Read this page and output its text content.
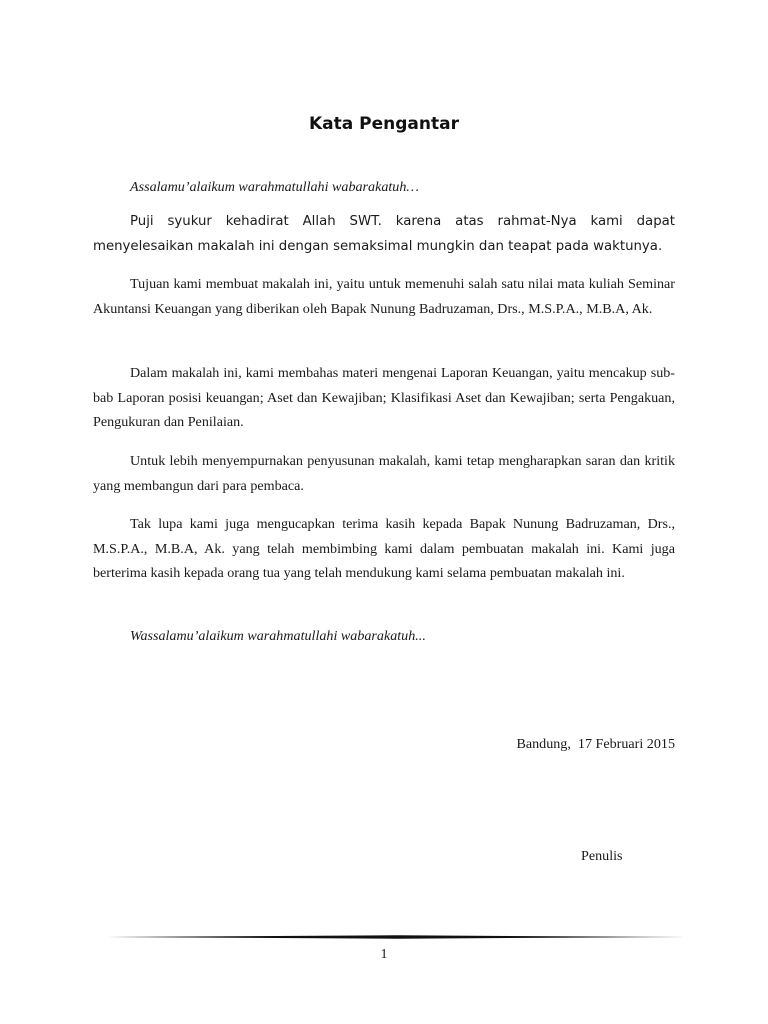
Kata Pengantar
Assalamu’alaikum warahmatullahi wabarakatuh…
Puji syukur kehadirat Allah SWT. karena atas rahmat-Nya kami dapat menyelesaikan makalah ini dengan semaksimal mungkin dan teapat pada waktunya.
Tujuan kami membuat makalah ini, yaitu untuk memenuhi salah satu nilai mata kuliah Seminar Akuntansi Keuangan yang diberikan oleh Bapak Nunung Badruzaman, Drs., M.S.P.A., M.B.A, Ak.
Dalam makalah ini, kami membahas materi mengenai Laporan Keuangan, yaitu mencakup sub-bab Laporan posisi keuangan; Aset dan Kewajiban; Klasifikasi Aset dan Kewajiban; serta Pengakuan, Pengukuran dan Penilaian.
Untuk lebih menyempurnakan penyusunan makalah, kami tetap mengharapkan saran dan kritik yang membangun dari para pembaca.
Tak lupa kami juga mengucapkan terima kasih kepada Bapak Nunung Badruzaman, Drs., M.S.P.A., M.B.A, Ak. yang telah membimbing kami dalam pembuatan makalah ini. Kami juga berterima kasih kepada orang tua yang telah mendukung kami selama pembuatan makalah ini.
Wassalamu’alaikum warahmatullahi wabarakatuh...
Bandung,  17 Februari 2015
Penulis
1
